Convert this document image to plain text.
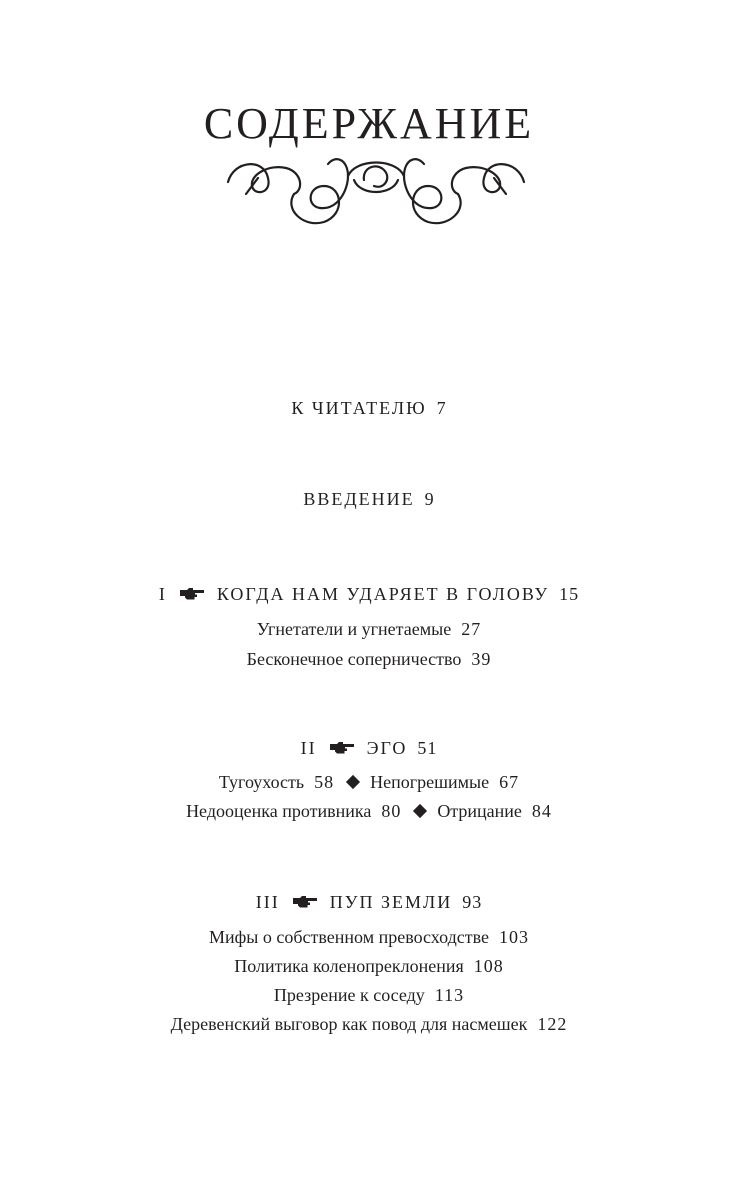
СОДЕРЖАНИЕ
К ЧИТАТЕЛЮ 7
ВВЕДЕНИЕ 9
I	КОГДА НАМ УДАРЯЕТ В ГОЛОВУ 15
Угнетатели и угнетаемые 27
Бесконечное соперничество 39
II	ЭГО 51
Тугоухость 58 Непогрешимые 67
Недооценка противника 80 Отрицание 84
III	ПУП ЗЕМЛИ 93
Мифы о собственном превосходстве 103
Политика коленопреклонения 108
Презрение к соседу 113
Деревенский выговор как повод для насмешек 122
